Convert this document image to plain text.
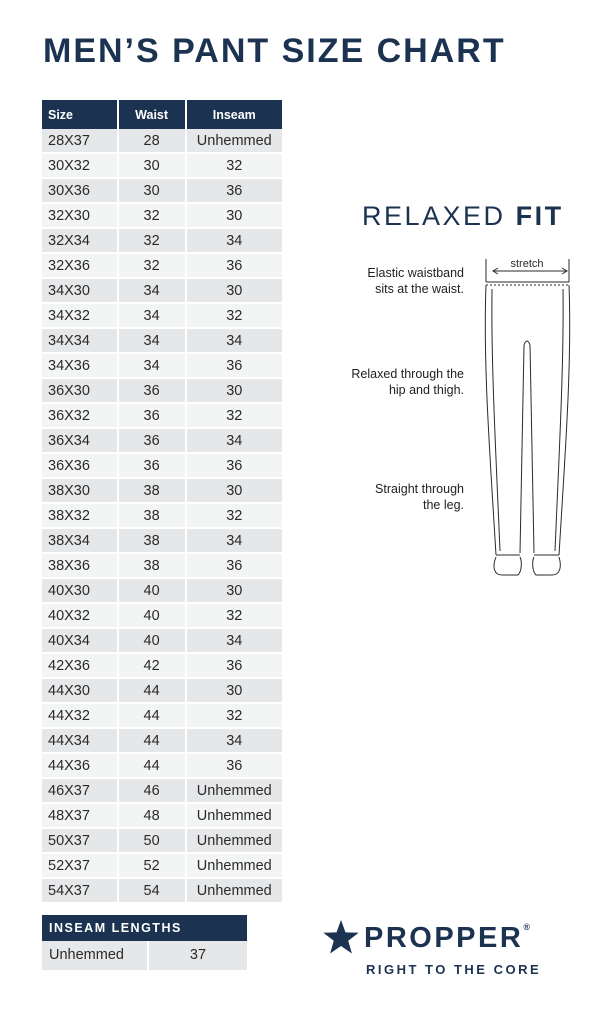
MEN’S PANT SIZE CHART
Size	Waist	Inseam
28X37	28	Unhemmed
30X32	30	32
30X36	30	36
32X30	32	30
32X34	32	34
32X36	32	36
34X30	34	30
34X32	34	32
34X34	34	34
34X36	34	36
36X30	36	30
36X32	36	32
36X34	36	34
36X36	36	36
38X30	38	30
38X32	38	32
38X34	38	34
38X36	38	36
40X30	40	30
40X32	40	32
40X34	40	34
42X36	42	36
44X30	44	30
44X32	44	32
44X34	44	34
44X36	44	36
46X37	46	Unhemmed
48X37	48	Unhemmed
50X37	50	Unhemmed
52X37	52	Unhemmed
54X37	54	Unhemmed
INSEAM LENGTHS
Unhemmed	37
RELAXED FIT
Elastic waistband
sits at the waist.
Relaxed through the
hip and thigh.
Straight through
the leg.
stretch
PROPPER®
RIGHT TO THE CORE
